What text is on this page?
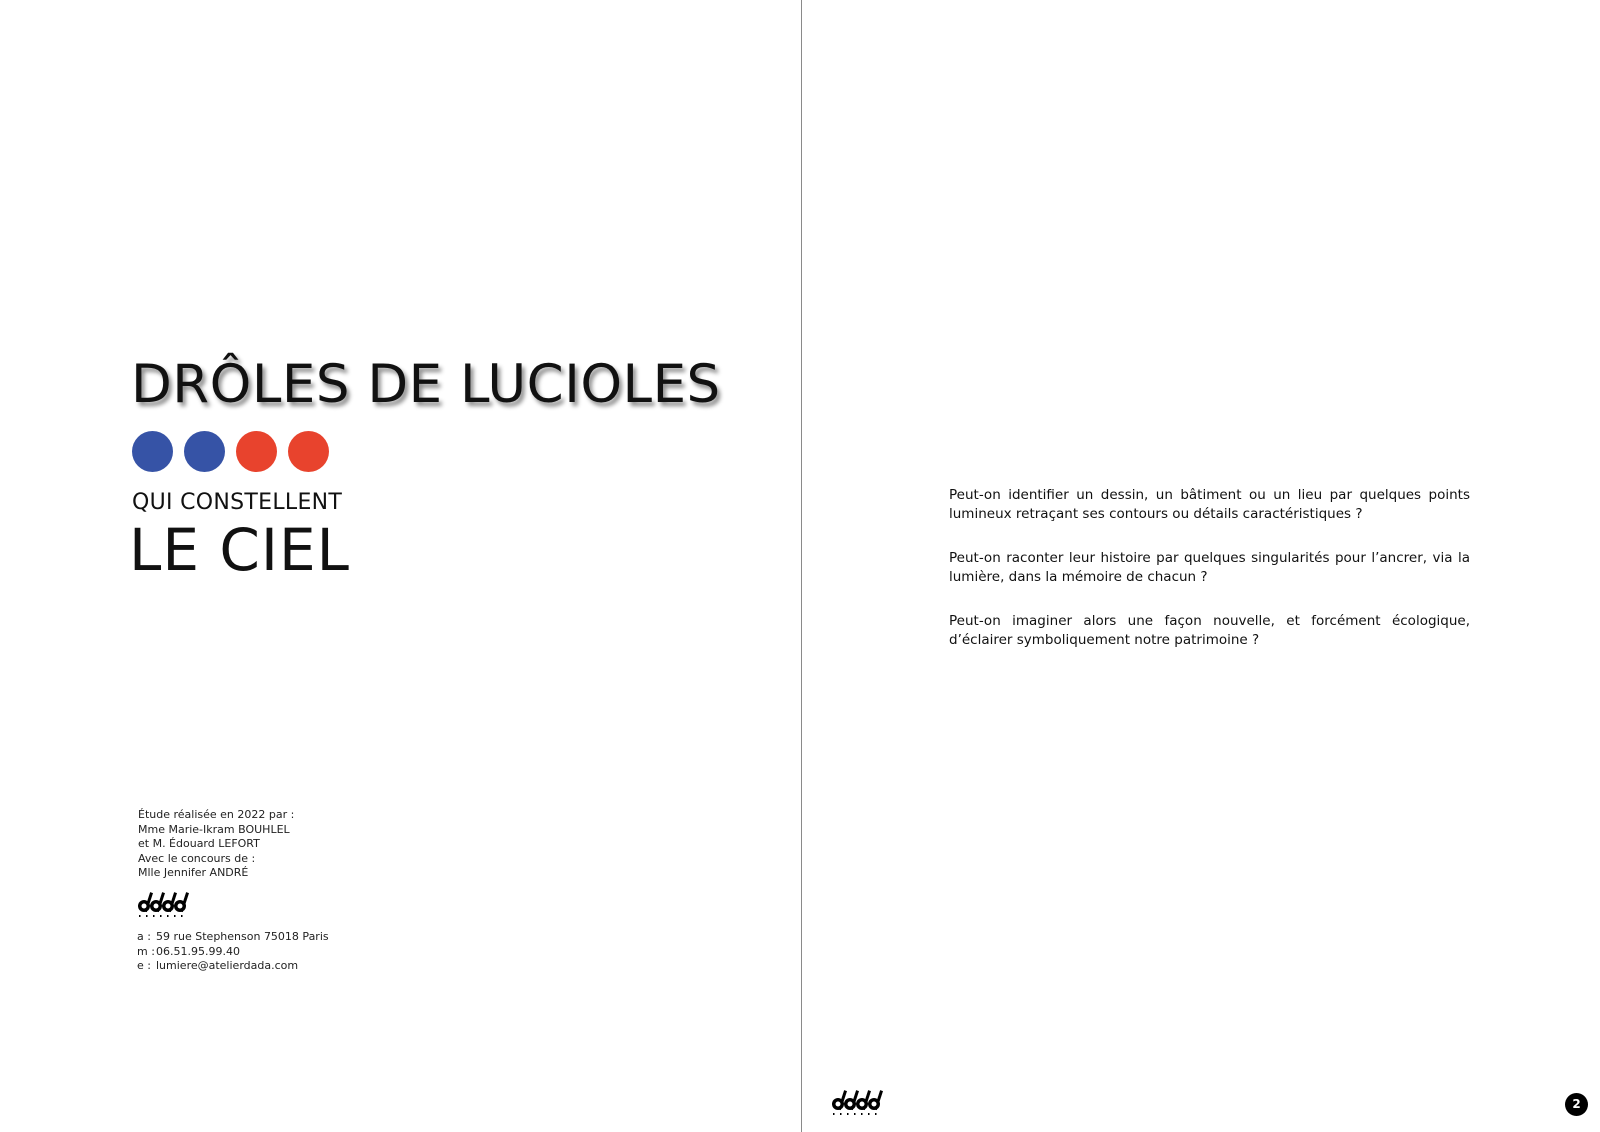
DRÔLES DE LUCIOLES
QUI CONSTELLENT
LE CIEL
Étude réalisée en 2022 par :
Mme Marie-Ikram BOUHLEL
et M. Édouard LEFORT
Avec le concours de :
Mlle Jennifer ANDRÉ
a : 59 rue Stephenson 75018 Paris
m : 06.51.95.99.40
e : lumiere@atelierdada.com

Peut-on identifier un dessin, un bâtiment ou un lieu par quelques points lumineux retraçant ses contours ou détails caractéristiques ?

Peut-on raconter leur histoire par quelques singularités pour l’ancrer, via la lumière, dans la mémoire de chacun ?

Peut-on imaginer alors une façon nouvelle, et forcément écologique, d’éclairer symboliquement notre patrimoine ?

2
